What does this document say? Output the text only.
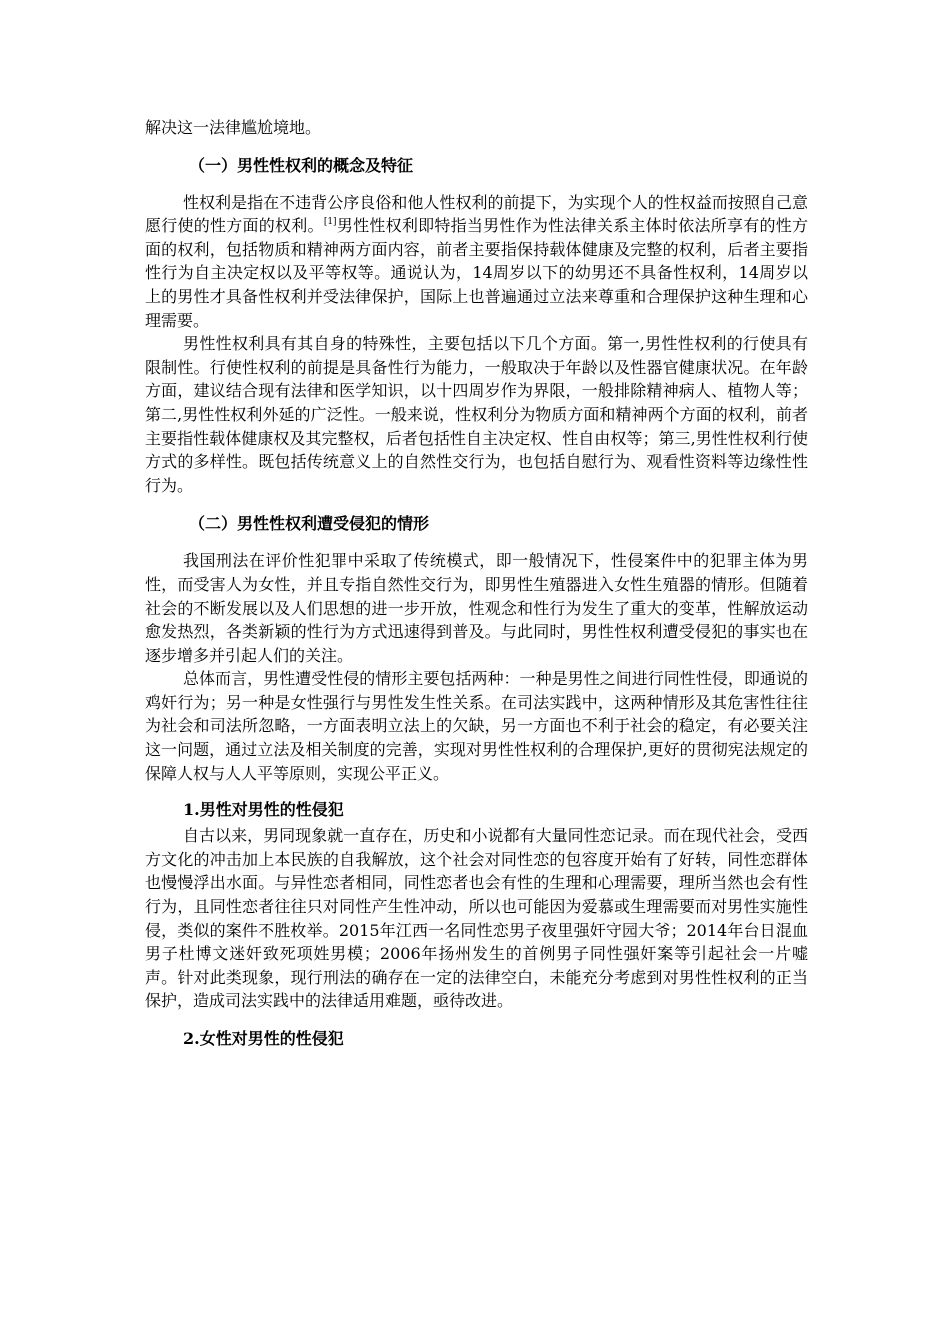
解决这一法律尴尬境地。

（一）男性性权利的概念及特征

性权利是指在不违背公序良俗和他人性权利的前提下，为实现个人的性权益而按照自己意愿行使的性方面的权利。[1]男性性权利即特指当男性作为性法律关系主体时依法所享有的性方面的权利，包括物质和精神两方面内容，前者主要指保持载体健康及完整的权利，后者主要指性行为自主决定权以及平等权等。通说认为，14周岁以下的幼男还不具备性权利，14周岁以上的男性才具备性权利并受法律保护，国际上也普遍通过立法来尊重和合理保护这种生理和心理需要。

男性性权利具有其自身的特殊性，主要包括以下几个方面。第一,男性性权利的行使具有限制性。行使性权利的前提是具备性行为能力，一般取决于年龄以及性器官健康状况。在年龄方面，建议结合现有法律和医学知识，以十四周岁作为界限，一般排除精神病人、植物人等；第二,男性性权利外延的广泛性。一般来说，性权利分为物质方面和精神两个方面的权利，前者主要指性载体健康权及其完整权，后者包括性自主决定权、性自由权等；第三,男性性权利行使方式的多样性。既包括传统意义上的自然性交行为，也包括自慰行为、观看性资料等边缘性性行为。

（二）男性性权利遭受侵犯的情形

我国刑法在评价性犯罪中采取了传统模式，即一般情况下，性侵案件中的犯罪主体为男性，而受害人为女性，并且专指自然性交行为，即男性生殖器进入女性生殖器的情形。但随着社会的不断发展以及人们思想的进一步开放，性观念和性行为发生了重大的变革，性解放运动愈发热烈，各类新颖的性行为方式迅速得到普及。与此同时，男性性权利遭受侵犯的事实也在逐步增多并引起人们的关注。

总体而言，男性遭受性侵的情形主要包括两种：一种是男性之间进行同性性侵，即通说的鸡奸行为；另一种是女性强行与男性发生性关系。在司法实践中，这两种情形及其危害性往往为社会和司法所忽略，一方面表明立法上的欠缺，另一方面也不利于社会的稳定，有必要关注这一问题，通过立法及相关制度的完善，实现对男性性权利的合理保护,更好的贯彻宪法规定的保障人权与人人平等原则，实现公平正义。

1.男性对男性的性侵犯

自古以来，男同现象就一直存在，历史和小说都有大量同性恋记录。而在现代社会，受西方文化的冲击加上本民族的自我解放，这个社会对同性恋的包容度开始有了好转，同性恋群体也慢慢浮出水面。与异性恋者相同，同性恋者也会有性的生理和心理需要，理所当然也会有性行为，且同性恋者往往只对同性产生性冲动，所以也可能因为爱慕或生理需要而对男性实施性侵，类似的案件不胜枚举。2015年江西一名同性恋男子夜里强奸守园大爷；2014年台日混血男子杜博文迷奸致死项姓男模；2006年扬州发生的首例男子同性强奸案等引起社会一片嘘声。针对此类现象，现行刑法的确存在一定的法律空白，未能充分考虑到对男性性权利的正当保护，造成司法实践中的法律适用难题，亟待改进。

2.女性对男性的性侵犯
